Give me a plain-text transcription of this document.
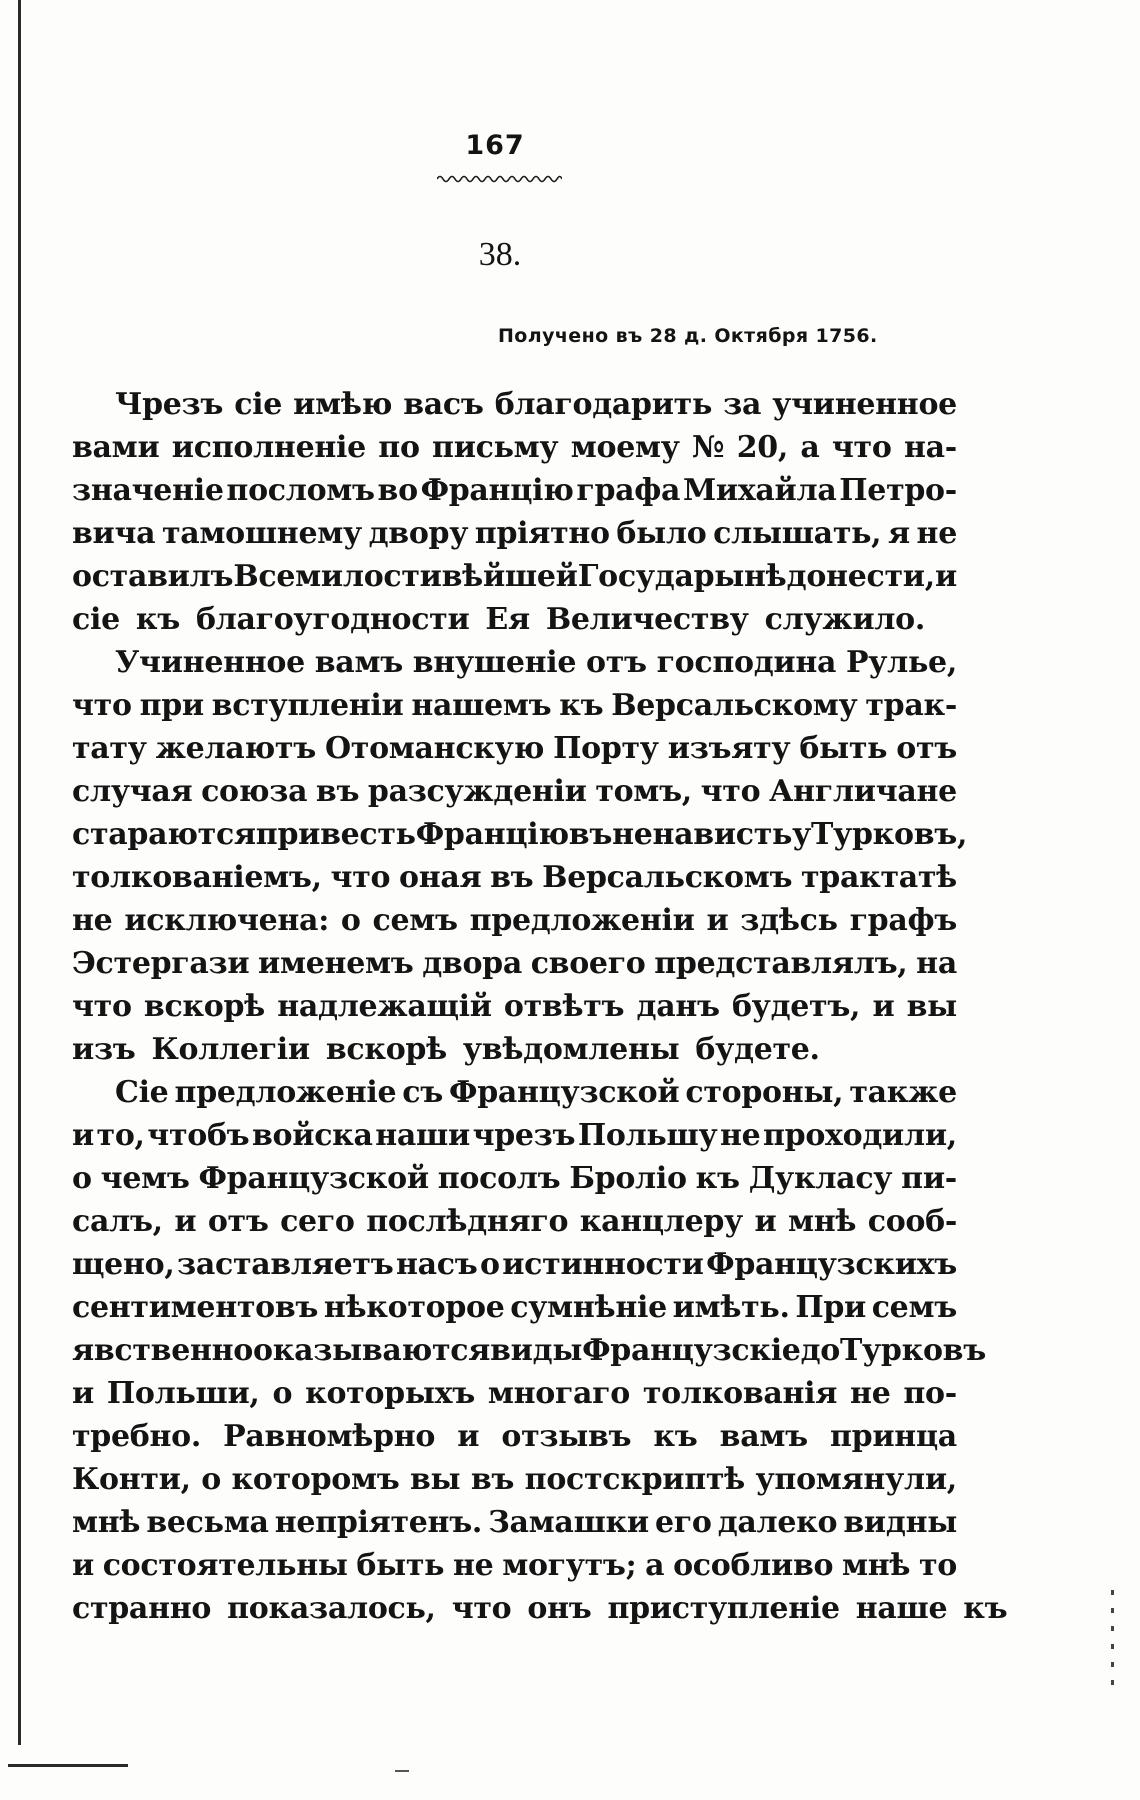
167
38.
Получено въ 28 д. Октября 1756.
Чрезъ сіе имѣю васъ благодарить за учиненное
вами исполненіе по письму моему № 20, а что на-
значеніе посломъ во Францію графа Михайла Петро-
вича тамошнему двору пріятно было слышать, я не
оставилъ Всемилостивѣйшей Государынѣ донести, и
сіе къ благоугодности Ея Величеству служило.
Учиненное вамъ внушеніе отъ господина Рулье,
что при вступленіи нашемъ къ Версальскому трак-
тату желаютъ Отоманскую Порту изъяту быть отъ
случая союза въ разсужденіи томъ, что Англичане
стараются привесть Францію въ ненависть у Турковъ,
толкованіемъ, что оная въ Версальскомъ трактатѣ
не исключена: о семъ предложеніи и здѣсь графъ
Эстергази именемъ двора своего представлялъ, на
что вскорѣ надлежащій отвѣтъ данъ будетъ, и вы
изъ Коллегіи вскорѣ увѣдомлены будете.
Сіе предложеніе съ Французской стороны, также
и то, чтобъ войска наши чрезъ Польшу не проходили,
о чемъ Французской посолъ Броліо къ Дукласу пи-
салъ, и отъ сего послѣдняго канцлеру и мнѣ сооб-
щено, заставляетъ насъ о истинности Французскихъ
сентиментовъ нѣкоторое сумнѣніе имѣть. При семъ
явственно оказываются виды Французскіе до Турковъ
и Польши, о которыхъ многаго толкованія не по-
требно. Равномѣрно и отзывъ къ вамъ принца
Конти, о которомъ вы въ постскриптѣ упомянули,
мнѣ весьма непріятенъ. Замашки его далеко видны
и состоятельны быть не могутъ; а особливо мнѣ то
странно показалось, что онъ приступленіе наше къ
